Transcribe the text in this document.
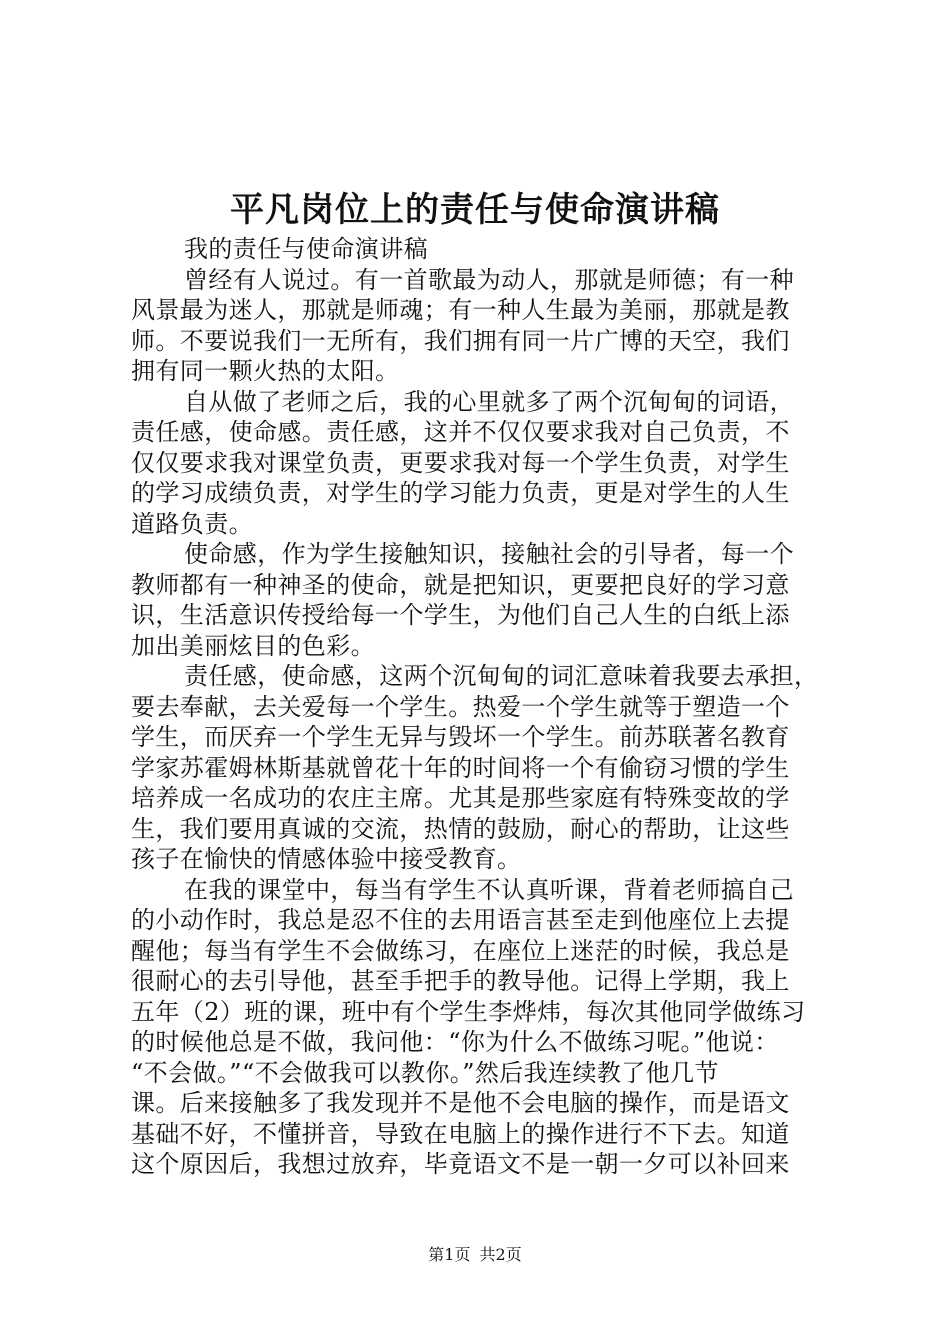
平凡岗位上的责任与使命演讲稿
我的责任与使命演讲稿
曾经有人说过。有一首歌最为动人，那就是师德；有一种
风景最为迷人，那就是师魂；有一种人生最为美丽，那就是教
师。不要说我们一无所有，我们拥有同一片广博的天空，我们
拥有同一颗火热的太阳。
自从做了老师之后，我的心里就多了两个沉甸甸的词语，
责任感，使命感。责任感，这并不仅仅要求我对自己负责，不
仅仅要求我对课堂负责，更要求我对每一个学生负责，对学生
的学习成绩负责，对学生的学习能力负责，更是对学生的人生
道路负责。
使命感，作为学生接触知识，接触社会的引导者，每一个
教师都有一种神圣的使命，就是把知识，更要把良好的学习意
识，生活意识传授给每一个学生，为他们自己人生的白纸上添
加出美丽炫目的色彩。
责任感，使命感，这两个沉甸甸的词汇意味着我要去承担，
要去奉献，去关爱每一个学生。热爱一个学生就等于塑造一个
学生，而厌弃一个学生无异与毁坏一个学生。前苏联著名教育
学家苏霍姆林斯基就曾花十年的时间将一个有偷窃习惯的学生
培养成一名成功的农庄主席。尤其是那些家庭有特殊变故的学
生，我们要用真诚的交流，热情的鼓励，耐心的帮助，让这些
孩子在愉快的情感体验中接受教育。
在我的课堂中，每当有学生不认真听课，背着老师搞自己
的小动作时，我总是忍不住的去用语言甚至走到他座位上去提
醒他；每当有学生不会做练习，在座位上迷茫的时候，我总是
很耐心的去引导他，甚至手把手的教导他。记得上学期，我上
五年（2）班的课，班中有个学生李烨炜，每次其他同学做练习
的时候他总是不做，我问他：“你为什么不做练习呢。”他说：
“不会做。”“不会做我可以教你。”然后我连续教了他几节
课。后来接触多了我发现并不是他不会电脑的操作，而是语文
基础不好，不懂拼音，导致在电脑上的操作进行不下去。知道
这个原因后，我想过放弃，毕竟语文不是一朝一夕可以补回来
第1页 共2页
